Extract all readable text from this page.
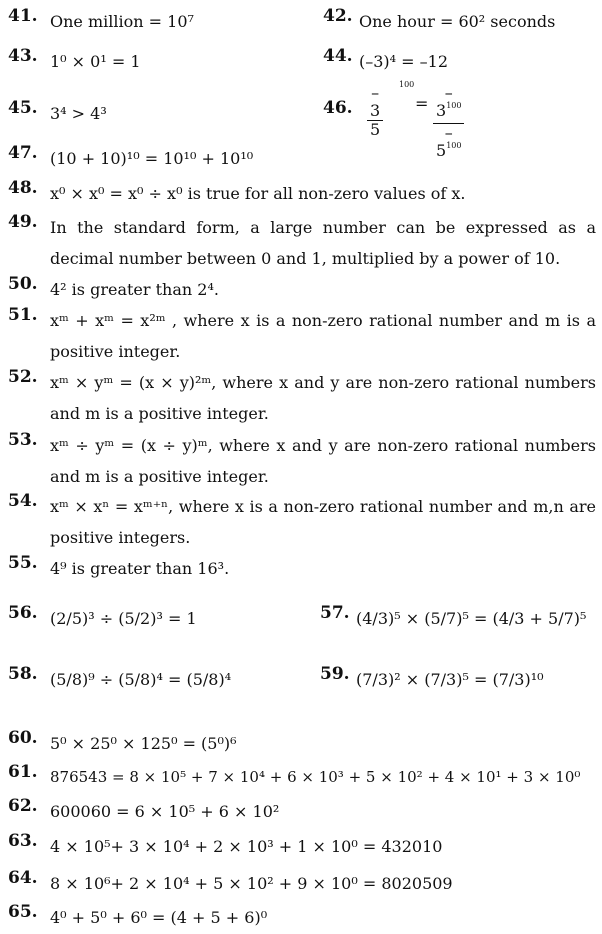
41. One million = 10⁷	42. One hour = 60² seconds
43. 1⁰ × 0¹ = 1	44. (–3)⁴ = –12
45. 3⁴ > 4³	46. $\frac{-3}{5} 100$
= $\frac{-3^{100}}{-5^{100}}$
47. (10 + 10)¹⁰ = 10¹⁰ + 10¹⁰
48. x⁰ × x⁰ = x⁰ ÷ x⁰ is true for all non-zero values of x.
49. In the standard form, a large number can be expressed as a decimal number between 0 and 1, multiplied by a power of 10.
50. 4² is greater than 2⁴.
51. xᵐ + xᵐ = x²ᵐ , where x is a non-zero rational number and m is a positive integer.
52. xᵐ × yᵐ = (x × y)²ᵐ, where x and y are non-zero rational numbers and m is a positive integer.
53. xᵐ ÷ yᵐ = (x ÷ y)ᵐ, where x and y are non-zero rational numbers and m is a positive integer.
54. xᵐ × xⁿ = xᵐ⁺ⁿ, where x is a non-zero rational number and m,n are positive integers.
55. 4⁹ is greater than 16³.
56. (2/5)³ ÷ (5/2)³ = 1	57. (4/3)⁵ × (5/7)⁵ = (4/3 + 5/7)⁵
58. (5/8)⁹ ÷ (5/8)⁴ = (5/8)⁴	59. (7/3)² × (7/3)⁵ = (7/3)¹⁰
60. 5⁰ × 25⁰ × 125⁰ = (5⁰)⁶
61. 876543 = 8 × 10⁵ + 7 × 10⁴ + 6 × 10³ + 5 × 10² + 4 × 10¹ + 3 × 10⁰
62. 600060 = 6 × 10⁵ + 6 × 10²
63. 4 × 10⁵+ 3 × 10⁴ + 2 × 10³ + 1 × 10⁰ = 432010
64. 8 × 10⁶+ 2 × 10⁴ + 5 × 10² + 9 × 10⁰ = 8020509
65. 4⁰ + 5⁰ + 6⁰ = (4 + 5 + 6)⁰
